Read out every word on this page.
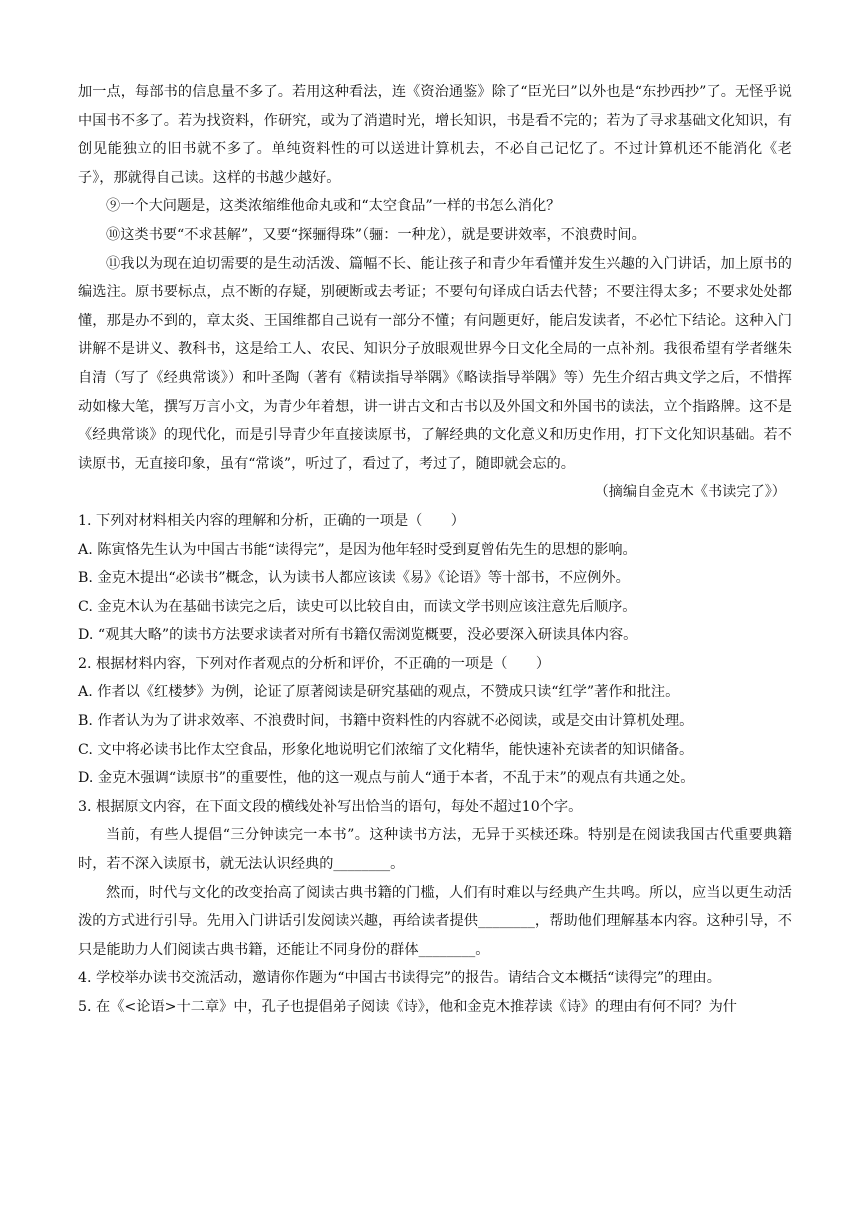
加一点，每部书的信息量不多了。若用这种看法，连《资治通鉴》除了“臣光曰”以外也是“东抄西抄”了。无怪乎说中国书不多了。若为找资料，作研究，或为了消遣时光，增长知识，书是看不完的；若为了寻求基础文化知识，有创见能独立的旧书就不多了。单纯资料性的可以送进计算机去，不必自己记忆了。不过计算机还不能消化《老子》，那就得自己读。这样的书越少越好。

⑨一个大问题是，这类浓缩维他命丸或和“太空食品”一样的书怎么消化？

⑩这类书要“不求甚解”，又要“探骊得珠”（骊：一种龙），就是要讲效率，不浪费时间。

⑪我以为现在迫切需要的是生动活泼、篇幅不长、能让孩子和青少年看懂并发生兴趣的入门讲话，加上原书的编选注。原书要标点，点不断的存疑，别硬断或去考证；不要句句译成白话去代替；不要注得太多；不要求处处都懂，那是办不到的，章太炎、王国维都自己说有一部分不懂；有问题更好，能启发读者，不必忙下结论。这种入门讲解不是讲义、教科书，这是给工人、农民、知识分子放眼观世界今日文化全局的一点补剂。我很希望有学者继朱自清（写了《经典常谈》）和叶圣陶（著有《精读指导举隅》《略读指导举隅》等）先生介绍古典文学之后，不惜挥动如椽大笔，撰写万言小文，为青少年着想，讲一讲古文和古书以及外国文和外国书的读法，立个指路牌。这不是《经典常谈》的现代化，而是引导青少年直接读原书，了解经典的文化意义和历史作用，打下文化知识基础。若不读原书，无直接印象，虽有“常谈”，听过了，看过了，考过了，随即就会忘的。

（摘编自金克木《书读完了》）

1. 下列对材料相关内容的理解和分析，正确的一项是（　　）

A. 陈寅恪先生认为中国古书能“读得完”，是因为他年轻时受到夏曾佑先生的思想的影响。

B. 金克木提出“必读书”概念，认为读书人都应该读《易》《论语》等十部书，不应例外。

C. 金克木认为在基础书读完之后，读史可以比较自由，而读文学书则应该注意先后顺序。

D. “观其大略”的读书方法要求读者对所有书籍仅需浏览概要，没必要深入研读具体内容。

2. 根据材料内容，下列对作者观点的分析和评价，不正确的一项是（　　）

A. 作者以《红楼梦》为例，论证了原著阅读是研究基础的观点，不赞成只读“红学”著作和批注。

B. 作者认为为了讲求效率、不浪费时间，书籍中资料性的内容就不必阅读，或是交由计算机处理。

C. 文中将必读书比作太空食品，形象化地说明它们浓缩了文化精华，能快速补充读者的知识储备。

D. 金克木强调“读原书”的重要性，他的这一观点与前人“通于本者，不乱于末”的观点有共通之处。

3. 根据原文内容，在下面文段的横线处补写出恰当的语句，每处不超过10个字。

当前，有些人提倡“三分钟读完一本书”。这种读书方法，无异于买椟还珠。特别是在阅读我国古代重要典籍时，若不深入读原书，就无法认识经典的________。

然而，时代与文化的改变抬高了阅读古典书籍的门槛，人们有时难以与经典产生共鸣。所以，应当以更生动活泼的方式进行引导。先用入门讲话引发阅读兴趣，再给读者提供________，帮助他们理解基本内容。这种引导，不只是能助力人们阅读古典书籍，还能让不同身份的群体________。

4. 学校举办读书交流活动，邀请你作题为“中国古书读得完”的报告。请结合文本概括“读得完”的理由。

5. 在《<论语>十二章》中，孔子也提倡弟子阅读《诗》，他和金克木推荐读《诗》的理由有何不同？为什
